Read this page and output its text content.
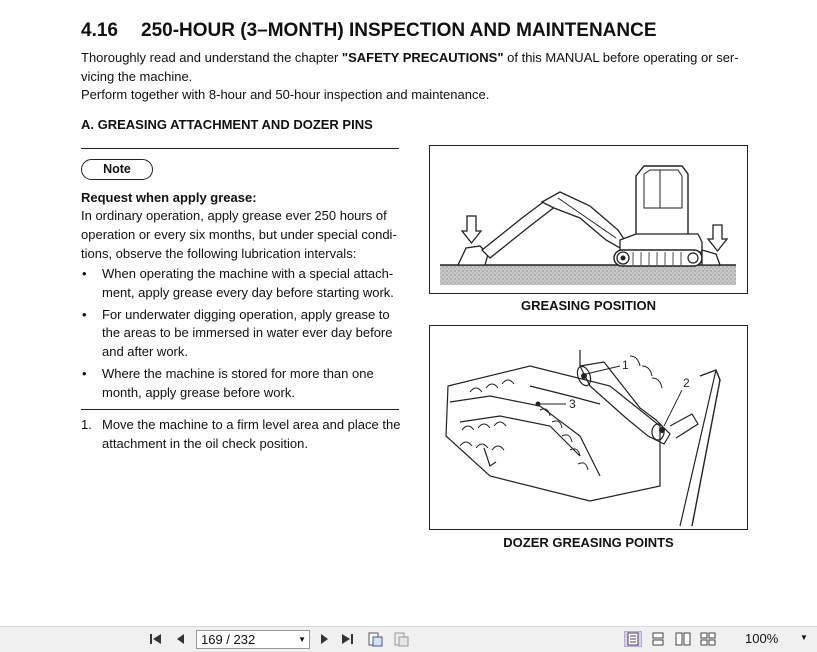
4.16 250-HOUR (3–MONTH) INSPECTION AND MAINTENANCE
Thoroughly read and understand the chapter "SAFETY PRECAUTIONS" of this MANUAL before operating or ser-vicing the machine.
Perform together with 8-hour and 50-hour inspection and maintenance.
A. GREASING ATTACHMENT AND DOZER PINS
Note
Request when apply grease:
In ordinary operation, apply grease ever 250 hours of operation or every six months, but under special condi-tions, observe the following lubrication intervals:
• When operating the machine with a special attach-ment, apply grease every day before starting work.
• For underwater digging operation, apply grease to the areas to be immersed in water ever day before and after work.
• Where the machine is stored for more than one month, apply grease before work.
1. Move the machine to a firm level area and place the attachment in the oil check position.
GREASING POSITION
1
2
3
DOZER GREASING POINTS
169 / 232	▼	100%	▼
